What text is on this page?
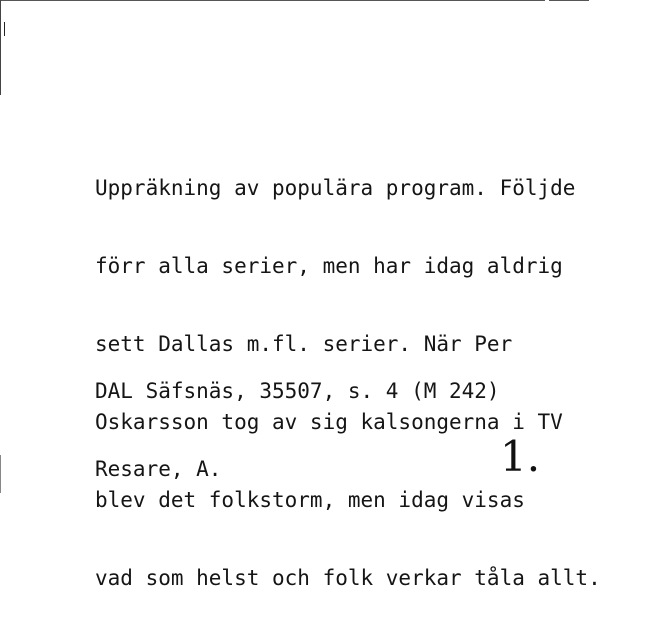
Uppräkning av populära program. Följde

förr alla serier, men har idag aldrig

sett Dallas m.fl. serier. När Per

Oskarsson tog av sig kalsongerna i TV

blev det folkstorm, men idag visas

vad som helst och folk verkar tåla allt.

DAL Säfsnäs, 35507, s. 4 (M 242)

Resare, A.

	1.
